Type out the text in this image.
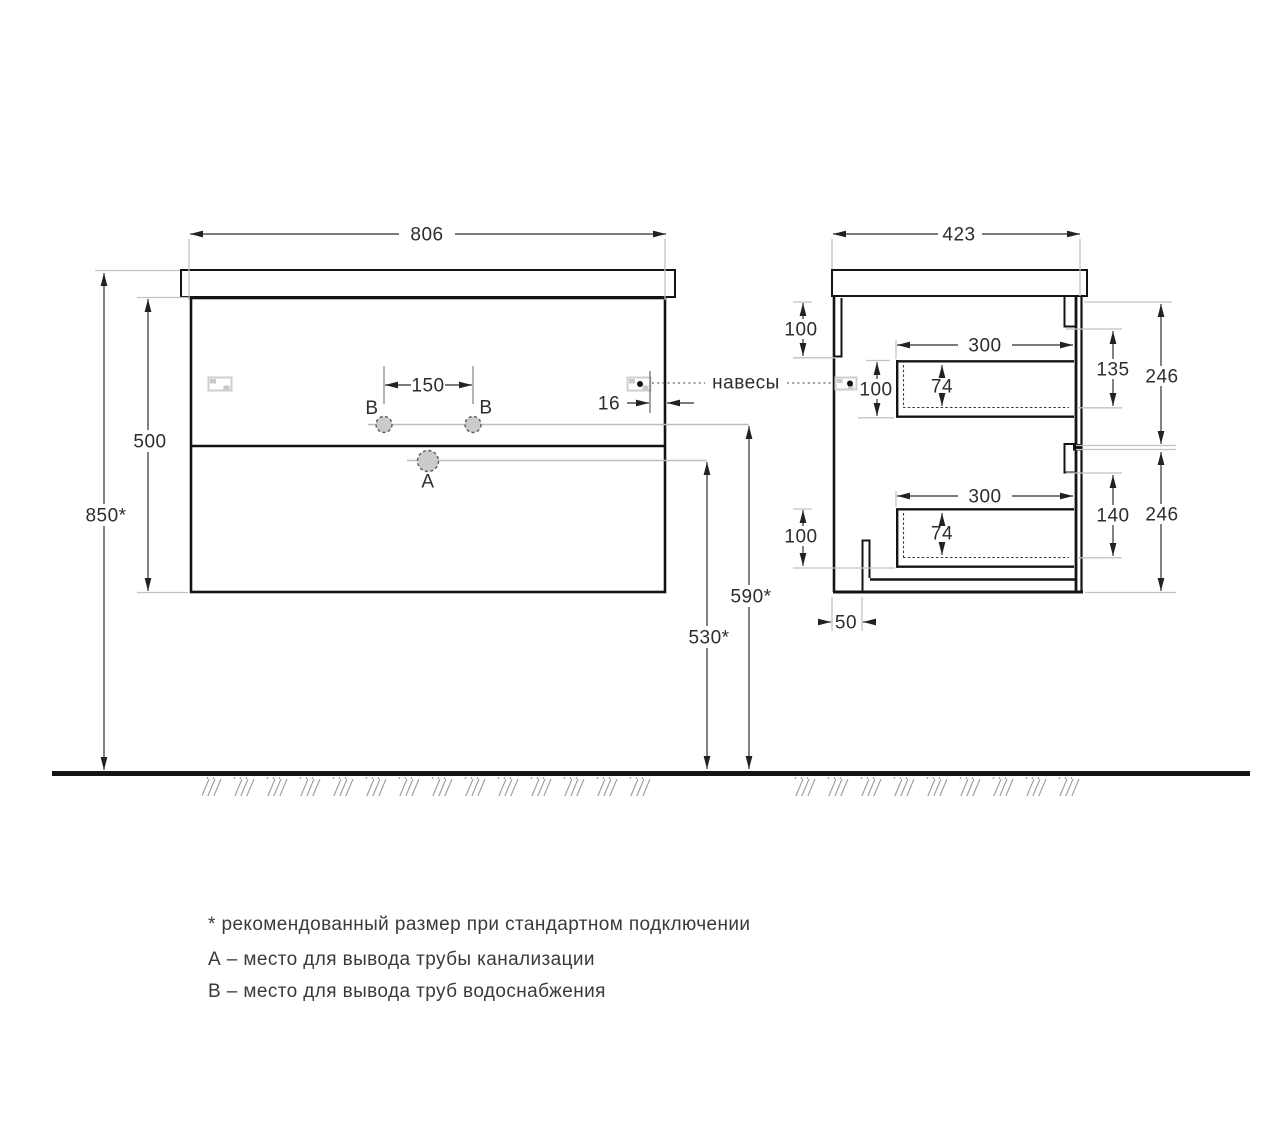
В	В
А
806
500
850*
150
16
590*
530*
навесы
423
100
100
100
300
300
74
74
135
140
246
246
50
* рекомендованный размер при стандартном подключении
А – место для вывода трубы канализации
В – место для вывода труб водоснабжения
